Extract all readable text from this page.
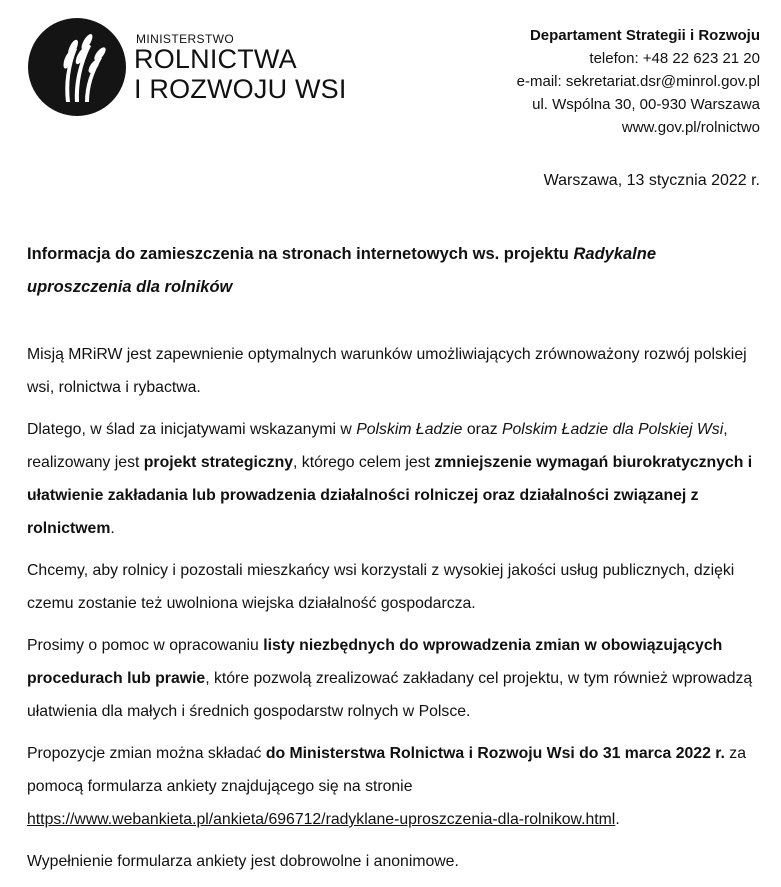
MINISTERSTWO
ROLNICTWA
I ROZWOJU WSI
Departament Strategii i Rozwoju
telefon: +48 22 623 21 20
e-mail: sekretariat.dsr@minrol.gov.pl
ul. Wspólna 30, 00-930 Warszawa
www.gov.pl/rolnictwo
Warszawa, 13 stycznia 2022 r.
Informacja do zamieszczenia na stronach internetowych ws. projektu Radykalne uproszczenia dla rolników

Misją MRiRW jest zapewnienie optymalnych warunków umożliwiających zrównoważony rozwój polskiej wsi, rolnictwa i rybactwa.

Dlatego, w ślad za inicjatywami wskazanymi w Polskim Ładzie oraz Polskim Ładzie dla Polskiej Wsi, realizowany jest projekt strategiczny, którego celem jest zmniejszenie wymagań biurokratycznych i ułatwienie zakładania lub prowadzenia działalności rolniczej oraz działalności związanej z rolnictwem.

Chcemy, aby rolnicy i pozostali mieszkańcy wsi korzystali z wysokiej jakości usług publicznych, dzięki czemu zostanie też uwolniona wiejska działalność gospodarcza.

Prosimy o pomoc w opracowaniu listy niezbędnych do wprowadzenia zmian w obowiązujących procedurach lub prawie, które pozwolą zrealizować zakładany cel projektu, w tym również wprowadzą ułatwienia dla małych i średnich gospodarstw rolnych w Polsce.

Propozycje zmian można składać do Ministerstwa Rolnictwa i Rozwoju Wsi do 31 marca 2022 r. za pomocą formularza ankiety znajdującego się na stronie https://www.webankieta.pl/ankieta/696712/radyklane-uproszczenia-dla-rolnikow.html.

Wypełnienie formularza ankiety jest dobrowolne i anonimowe.
